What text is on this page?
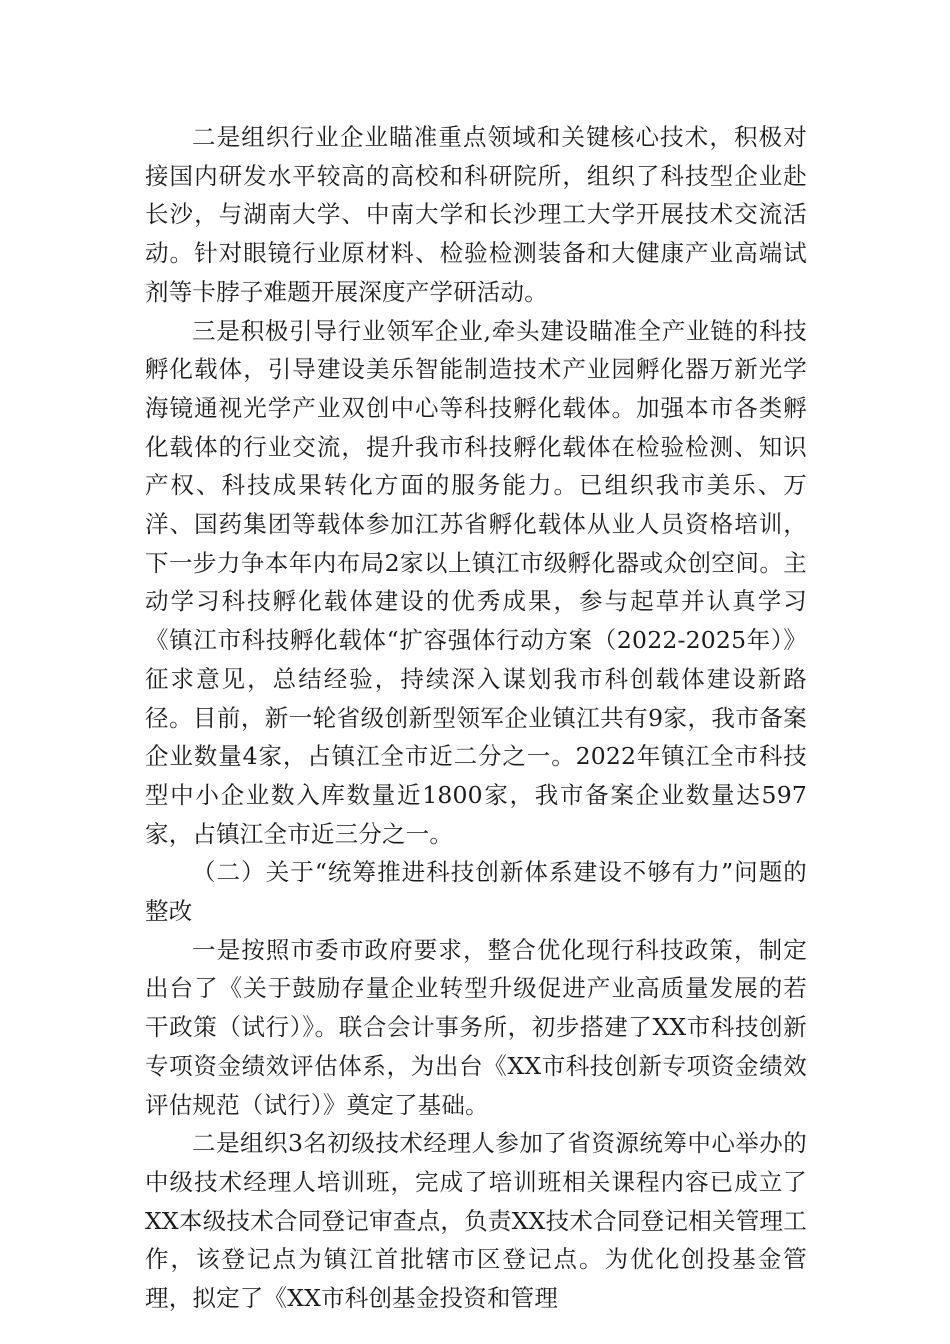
二是组织行业企业瞄准重点领域和关键核心技术，积极对接国内研发水平较高的高校和科研院所，组织了科技型企业赴长沙，与湖南大学、中南大学和长沙理工大学开展技术交流活动。针对眼镜行业原材料、检验检测装备和大健康产业高端试剂等卡脖子难题开展深度产学研活动。

三是积极引导行业领军企业,牵头建设瞄准全产业链的科技孵化载体，引导建设美乐智能制造技术产业园孵化器万新光学海镜通视光学产业双创中心等科技孵化载体。加强本市各类孵化载体的行业交流，提升我市科技孵化载体在检验检测、知识产权、科技成果转化方面的服务能力。已组织我市美乐、万洋、国药集团等载体参加江苏省孵化载体从业人员资格培训，下一步力争本年内布局2家以上镇江市级孵化器或众创空间。主动学习科技孵化载体建设的优秀成果，参与起草并认真学习《镇江市科技孵化载体“扩容强体行动方案（2022-2025年）》征求意见，总结经验，持续深入谋划我市科创载体建设新路径。目前，新一轮省级创新型领军企业镇江共有9家，我市备案企业数量4家，占镇江全市近二分之一。2022年镇江全市科技型中小企业数入库数量近1800家，我市备案企业数量达597家，占镇江全市近三分之一。

（二）关于“统筹推进科技创新体系建设不够有力”问题的整改

一是按照市委市政府要求，整合优化现行科技政策，制定出台了《关于鼓励存量企业转型升级促进产业高质量发展的若干政策（试行）》。联合会计事务所，初步搭建了XX市科技创新专项资金绩效评估体系，为出台《XX市科技创新专项资金绩效评估规范（试行）》奠定了基础。

二是组织3名初级技术经理人参加了省资源统筹中心举办的中级技术经理人培训班，完成了培训班相关课程内容已成立了XX本级技术合同登记审查点，负责XX技术合同登记相关管理工作，该登记点为镇江首批辖市区登记点。为优化创投基金管理，拟定了《XX市科创基金投资和管理
